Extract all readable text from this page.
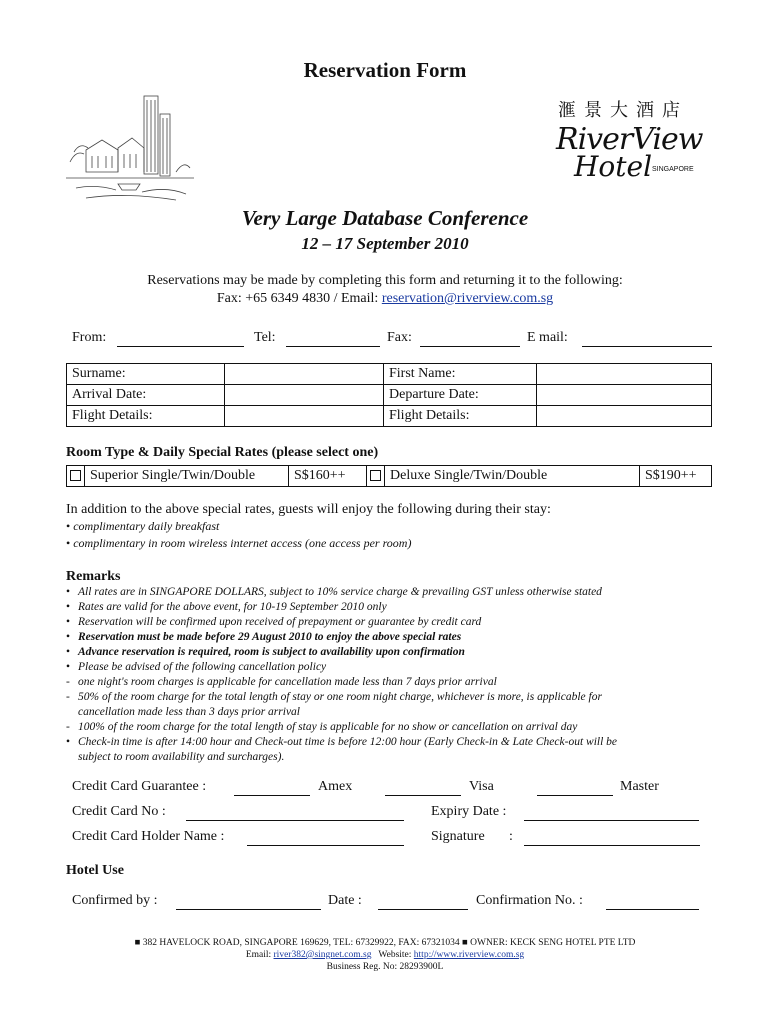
Reservation Form
滙景大酒店
RiverView
Hotel SINGAPORE
Very Large Database Conference
12 – 17 September 2010
Reservations may be made by completing this form and returning it to the following:
Fax: +65 6349 4830 / Email: reservation@riverview.com.sg
From:	Tel:	Fax:	E mail:
Surname:		First Name:	
Arrival Date:		Departure Date:	
Flight Details:		Flight Details:	
Room Type & Daily Special Rates (please select one)
	Superior Single/Twin/Double	S$160++		Deluxe Single/Twin/Double	S$190++
In addition to the above special rates, guests will enjoy the following during their stay:
• complimentary daily breakfast
• complimentary in room wireless internet access (one access per room)
Remarks
• All rates are in SINGAPORE DOLLARS, subject to 10% service charge & prevailing GST unless otherwise stated
• Rates are valid for the above event, for 10-19 September 2010 only
• Reservation will be confirmed upon received of prepayment or guarantee by credit card
• Reservation must be made before 29 August 2010 to enjoy the above special rates
• Advance reservation is required, room is subject to availability upon confirmation
• Please be advised of the following cancellation policy
- one night's room charges is applicable for cancellation made less than 7 days prior arrival
- 50% of the room charge for the total length of stay or one room night charge, whichever is more, is applicable for
cancellation made less than 3 days prior arrival
- 100% of the room charge for the total length of stay is applicable for no show or cancellation on arrival day
• Check-in time is after 14:00 hour and Check-out time is before 12:00 hour (Early Check-in & Late Check-out will be
subject to room availability and surcharges).
Credit Card Guarantee :	Amex	Visa	Master
Credit Card No :	Expiry Date :
Credit Card Holder Name :	Signature :
Hotel Use
Confirmed by :	Date :	Confirmation No. :
■ 382 HAVELOCK ROAD, SINGAPORE 169629, TEL: 67329922, FAX: 67321034 ■ OWNER: KECK SENG HOTEL PTE LTD
Email: river382@singnet.com.sg   Website: http://www.riverview.com.sg
Business Reg. No: 28293900L
